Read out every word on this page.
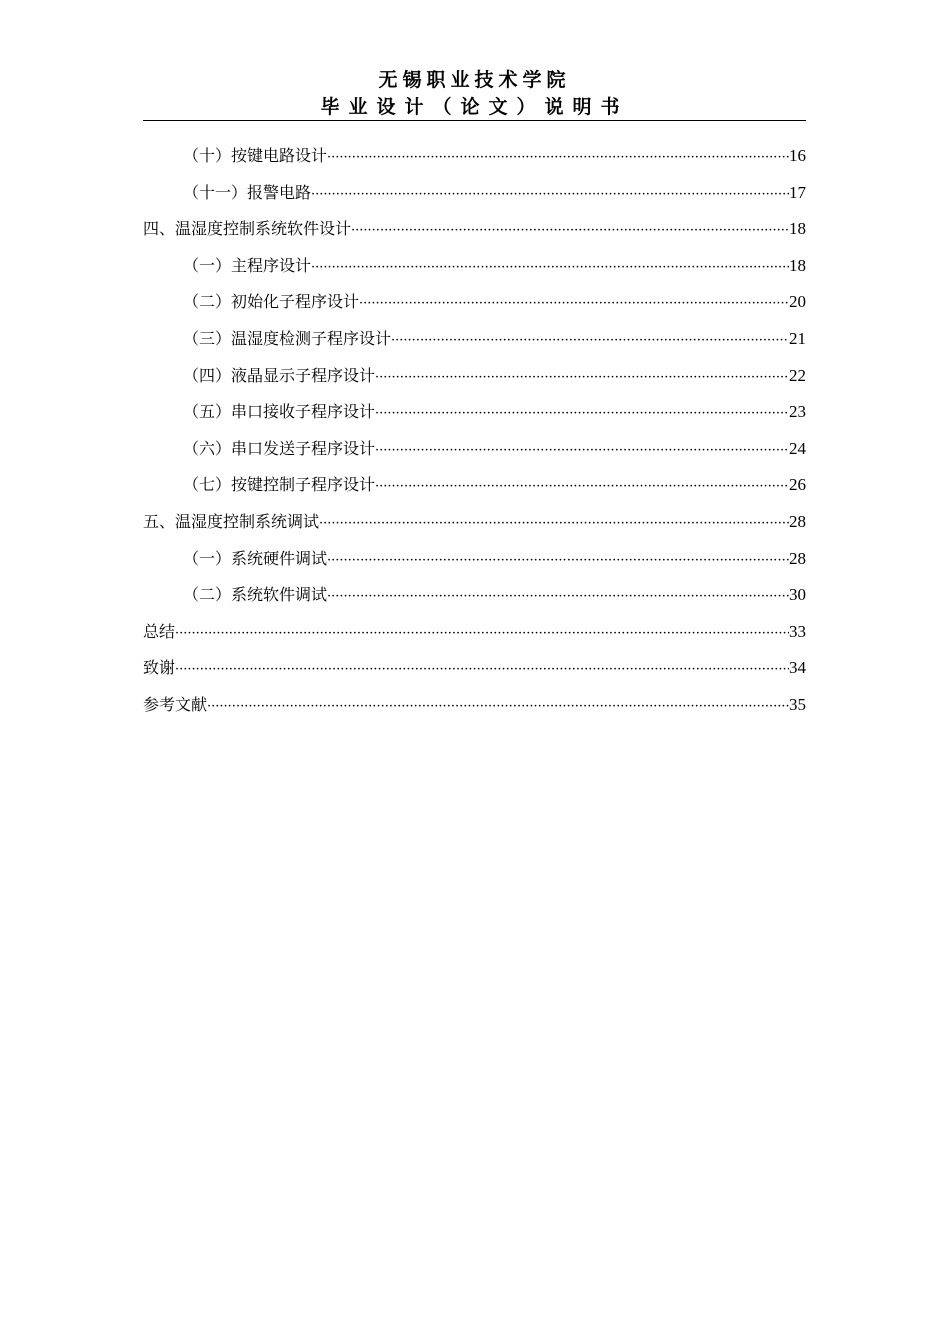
无锡职业技术学院
毕业设计（论文）说明书
（十）按键电路设计 ·····	16
（十一）报警电路 ·····	17
四、温湿度控制系统软件设计 ·····	18
（一）主程序设计 ·····	18
（二）初始化子程序设计 ·····	20
（三）温湿度检测子程序设计 ·····	21
（四）液晶显示子程序设计 ·····	22
（五）串口接收子程序设计 ·····	23
（六）串口发送子程序设计 ·····	24
（七）按键控制子程序设计 ·····	26
五、温湿度控制系统调试 ·····	28
（一）系统硬件调试 ·····	28
（二）系统软件调试 ·····	30
总结 ·····	33
致谢 ·····	34
参考文献 ·····	35
